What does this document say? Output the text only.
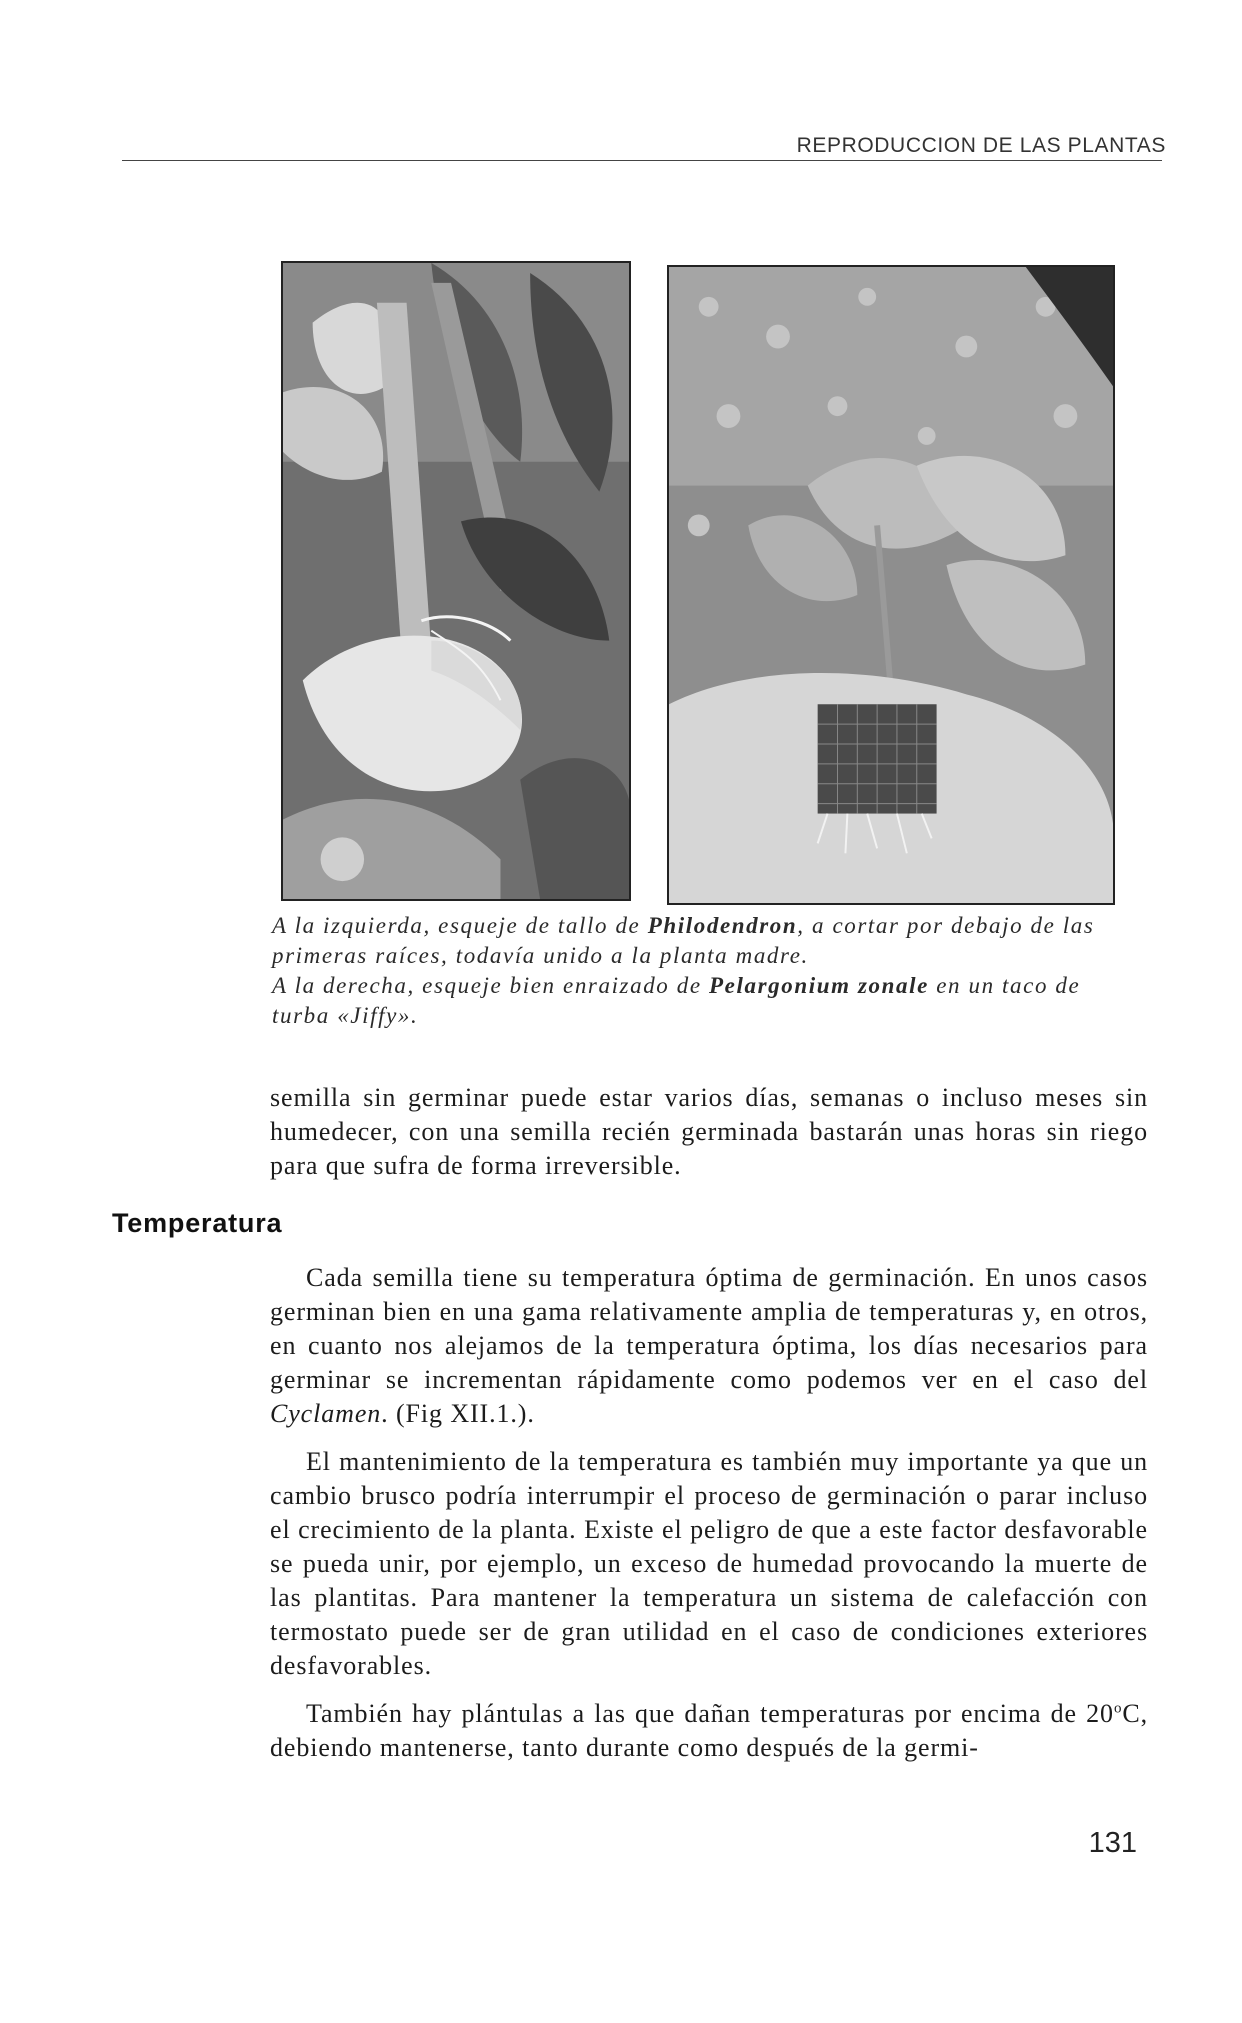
REPRODUCCION DE LAS PLANTAS

A la izquierda, esqueje de tallo de Philodendron, a cortar por debajo de las primeras raíces, todavía unido a la planta madre.

A la derecha, esqueje bien enraizado de Pelargonium zonale en un taco de turba «Jiffy».

semilla sin germinar puede estar varios días, semanas o incluso meses sin humedecer, con una semilla recién germinada bastarán unas horas sin riego para que sufra de forma irreversible.

Temperatura

Cada semilla tiene su temperatura óptima de germinación. En unos casos germinan bien en una gama relativamente amplia de temperaturas y, en otros, en cuanto nos alejamos de la temperatura óptima, los días necesarios para germinar se incrementan rápidamente como podemos ver en el caso del Cyclamen. (Fig XII.1.).

El mantenimiento de la temperatura es también muy importante ya que un cambio brusco podría interrumpir el proceso de germinación o parar incluso el crecimiento de la planta. Existe el peligro de que a este factor desfavorable se pueda unir, por ejemplo, un exceso de humedad provocando la muerte de las plantitas. Para mantener la temperatura un sistema de calefacción con termostato puede ser de gran utilidad en el caso de condiciones exteriores desfavorables.

También hay plántulas a las que dañan temperaturas por encima de 20$^o$C, debiendo mantenerse, tanto durante como después de la germi-

131
